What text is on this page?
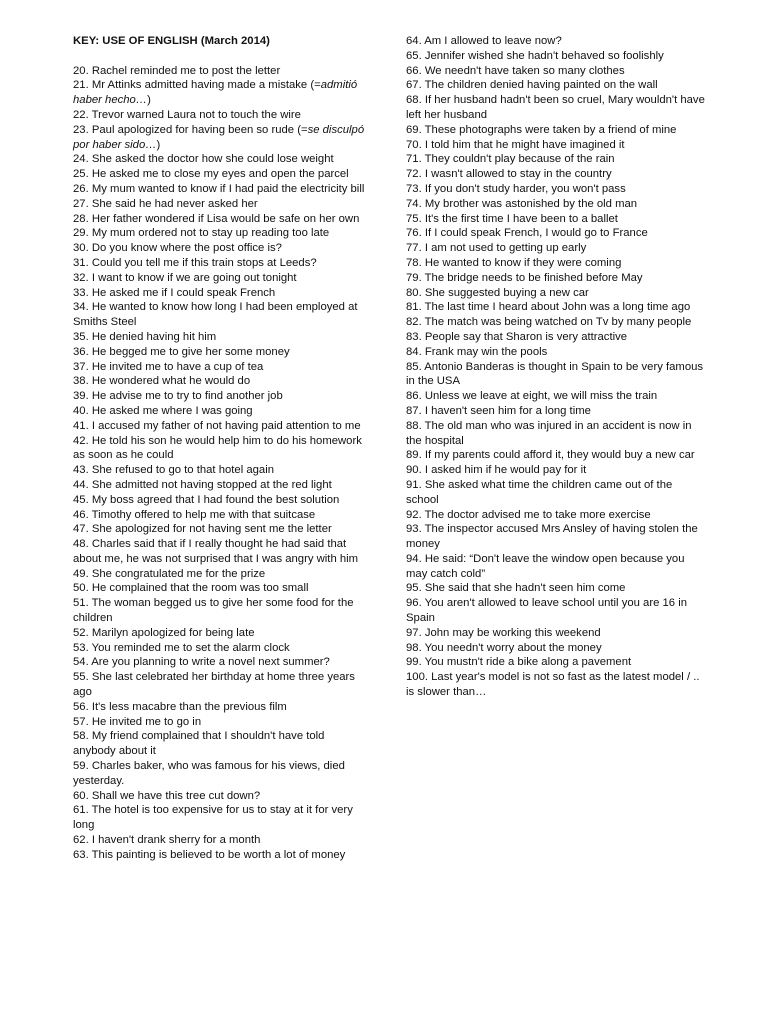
KEY: USE OF ENGLISH (March 2014)

20. Rachel reminded me to post the letter

21. Mr Attinks admitted having made a mistake (=admitió haber hecho…)

22. Trevor warned Laura not to touch the wire

23. Paul apologized for having been so rude (=se disculpó por haber sido…)

24. She asked the doctor how she could lose weight

25. He asked me to close my eyes and open the parcel

26. My mum wanted to know if I had paid the electricity bill

27. She said he had never asked her

28. Her father wondered if Lisa would be safe on her own

29. My mum ordered not to stay up reading too late

30. Do you know where the post office is?

31. Could you tell me if this train stops at Leeds?

32. I want to know if we are going out tonight

33. He asked me if I could speak French

34. He wanted to know how long I had been employed at Smiths Steel

35. He denied having hit him

36. He begged me to give her some money

37. He invited me to have a cup of tea

38. He wondered what he would do

39. He advise me to try to find another job

40. He asked me where I was going

41. I accused my father of not having paid attention to me

42. He told his son he would help him to do his homework as soon as he could

43. She refused to go to that hotel again

44. She admitted not having stopped at the red light

45. My boss agreed that I had found the best solution

46. Timothy offered to help me with that suitcase

47. She apologized for not having sent me the letter

48. Charles said that if I really thought he had said that about me, he was not surprised that I was angry with him

49. She congratulated me for the prize

50. He complained that the room was too small

51. The woman begged us to give her some food for the children

52. Marilyn apologized for being late

53. You reminded me to set the alarm clock

54. Are you planning to write a novel next summer?

55. She last celebrated her birthday at home three years ago

56. It's less macabre than the previous film

57. He invited me to go in

58. My friend complained that I shouldn't have told anybody about it

59. Charles baker, who was famous for his views, died yesterday.

60. Shall we have this tree cut down?

61. The hotel is too expensive for us to stay at it for very long

62. I haven't drank sherry for a month

63. This painting is believed to be worth a lot of money

64. Am I allowed to leave now?

65. Jennifer wished she hadn't behaved so foolishly

66. We needn't have taken so many clothes

67. The children denied having painted on the wall

68. If her husband hadn't been so cruel, Mary wouldn't have left her husband

69. These photographs were taken by a friend of mine

70. I told him that he might have imagined it

71. They couldn't play because of the rain

72. I wasn't allowed to stay in the country

73. If you don't study harder, you won't pass

74. My brother was astonished by the old man

75. It's the first time I have been to a ballet

76. If I could speak French, I would go to France

77. I am not used to getting up early

78. He wanted to know if they were coming

79. The bridge needs to be finished before May

80. She suggested buying a new car

81. The last time I heard about John was a long time ago

82. The match was being watched on Tv by many people

83. People say that Sharon is very attractive

84. Frank may win the pools

85. Antonio Banderas is thought in Spain to be very famous in the USA

86. Unless we leave at eight, we will miss the train

87. I haven't seen him for a long time

88. The old man who was injured in an accident is now in the hospital

89. If my parents could afford it, they would buy a new car

90. I asked him if he would pay for it

91. She asked what time the children came out of the school

92. The doctor advised me to take more exercise

93. The inspector accused Mrs Ansley of having stolen the money

94. He said: “Don't leave the window open because you may catch cold”

95. She said that she hadn't seen him come

96. You aren't allowed to leave school until you are 16 in Spain

97. John may be working this weekend

98. You needn't worry about the money

99. You mustn't ride a bike along a pavement

100. Last year's model is not so fast as the latest model / .. is slower than…
